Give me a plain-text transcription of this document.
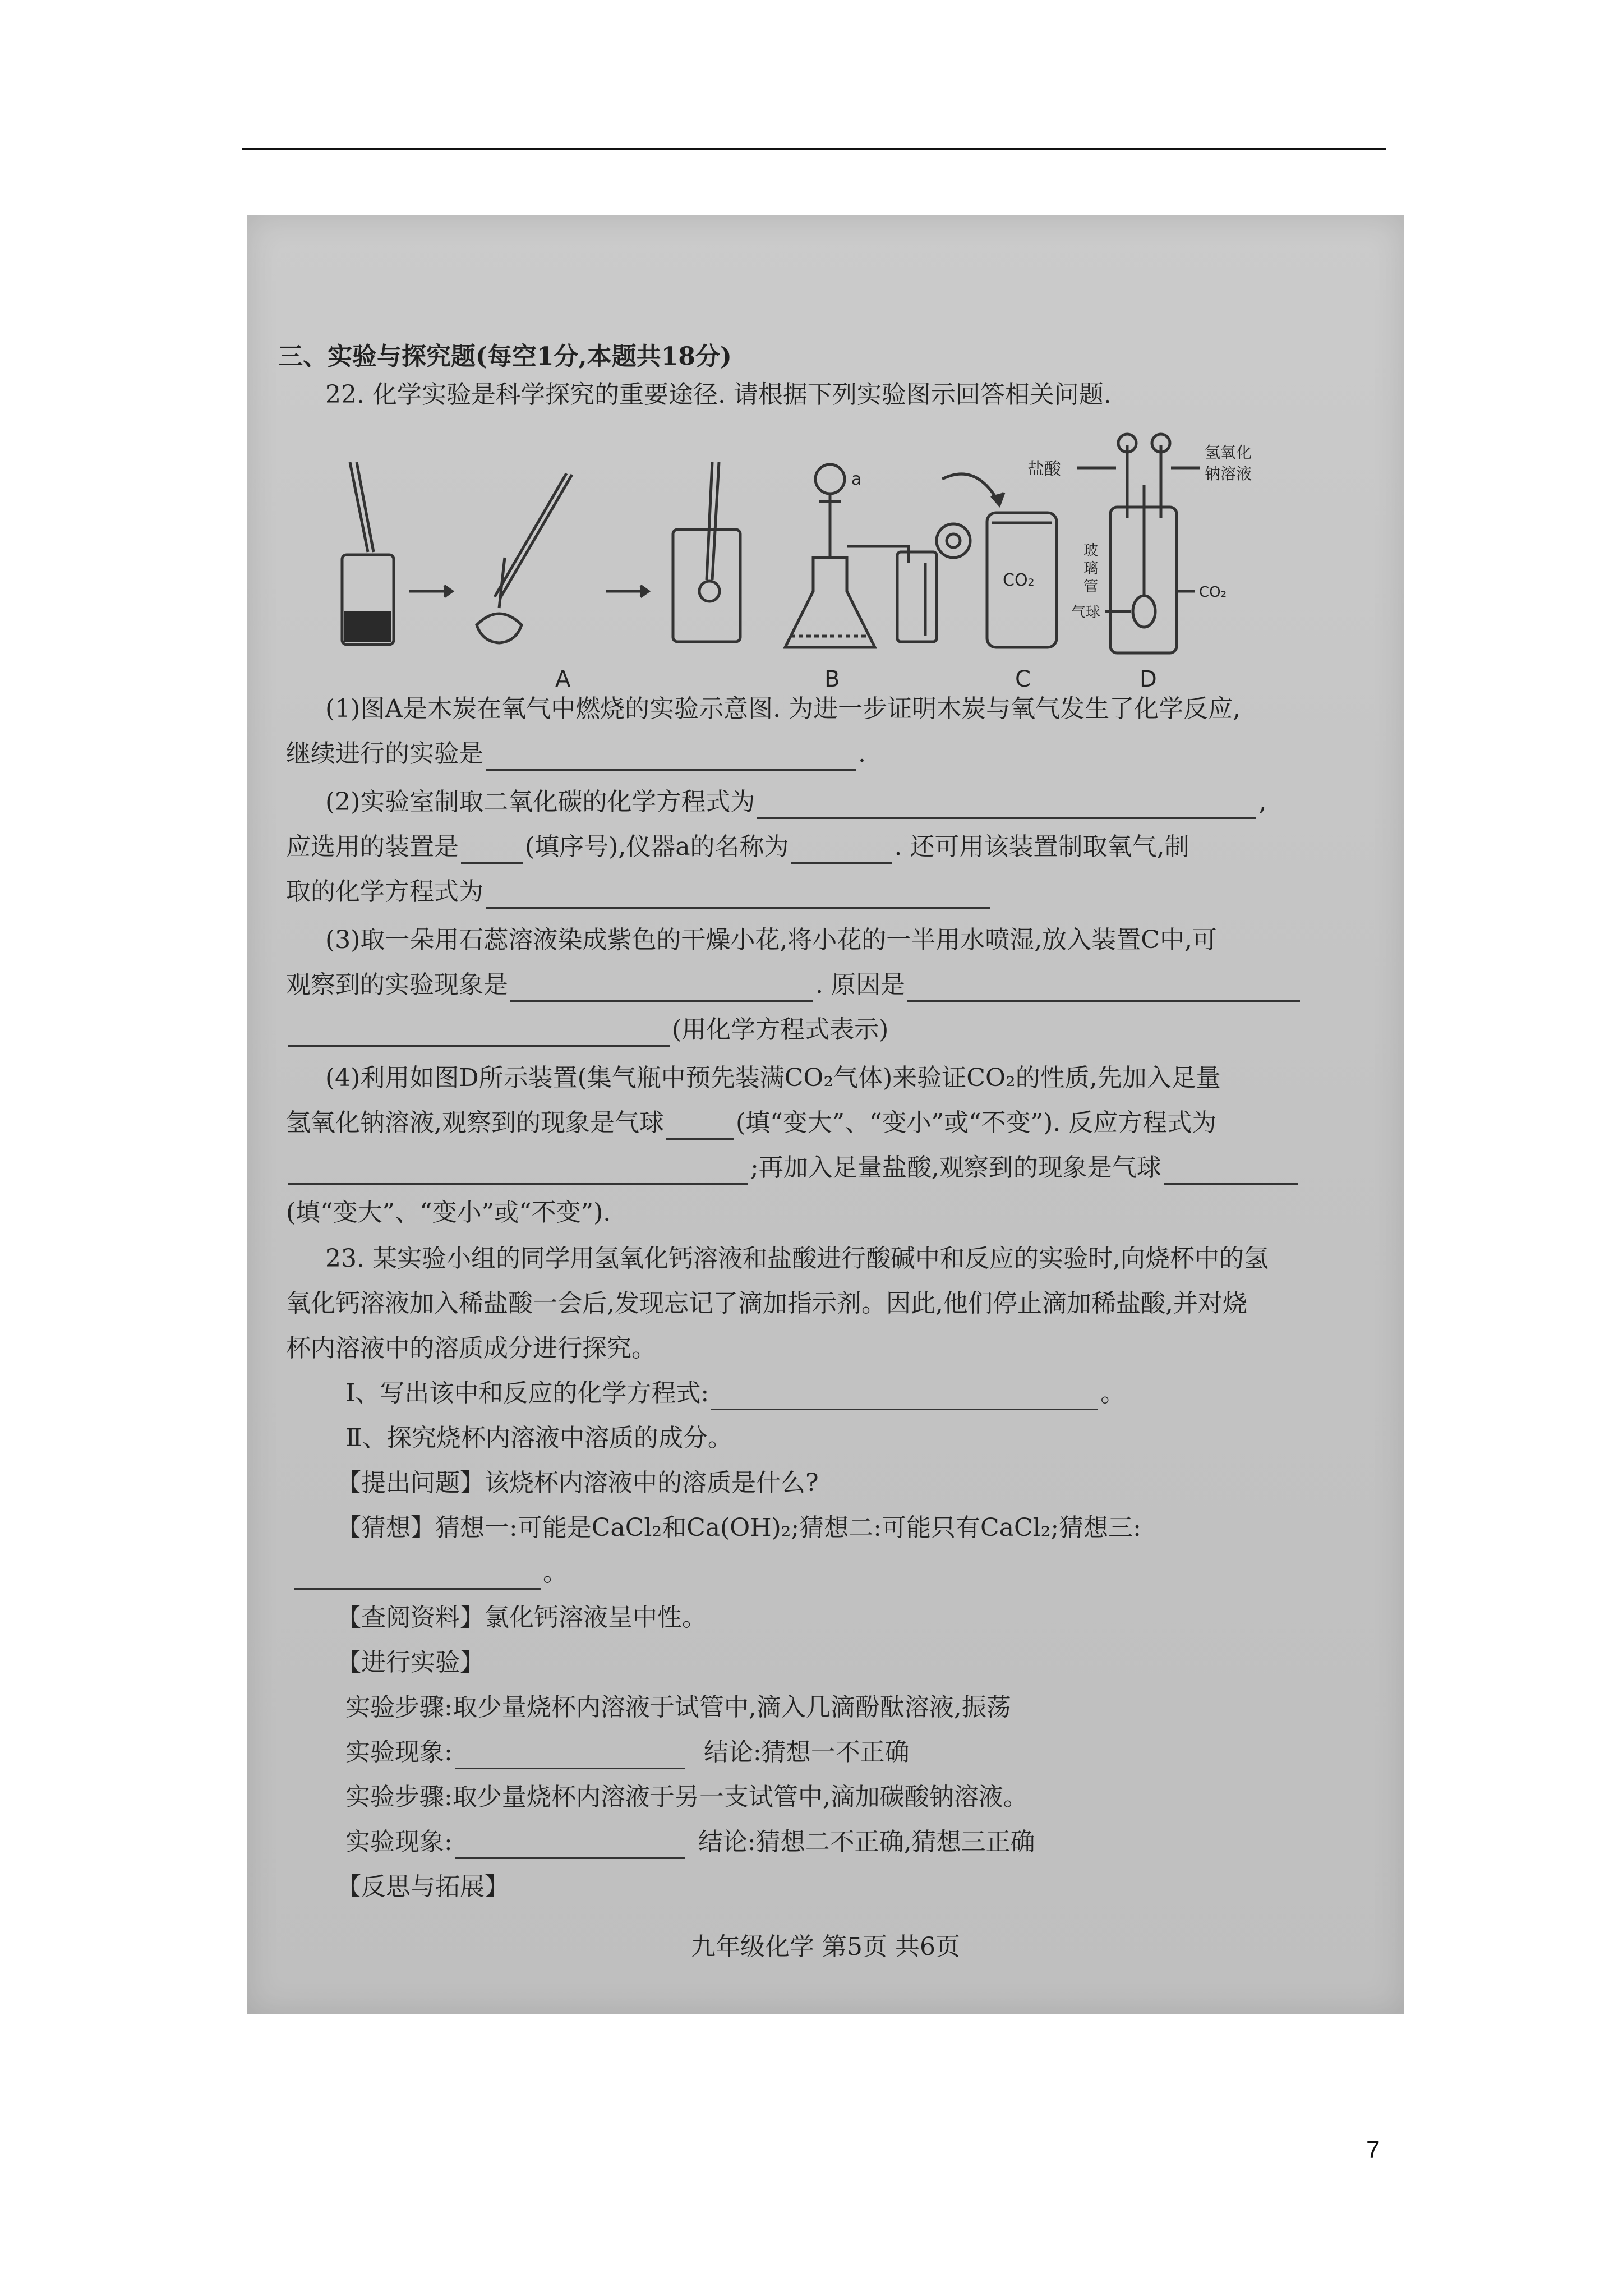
三、实验与探究题(每空1分,本题共18分)

22. 化学实验是科学探究的重要途径. 请根据下列实验图示回答相关问题.

A	B	C	D
a
CO₂
CO₂
盐酸
氢氧化
钠溶液
玻
璃
管
气球

(1)图A是木炭在氧气中燃烧的实验示意图. 为进一步证明木炭与氧气发生了化学反应,

继续进行的实验是	.

(2)实验室制取二氧化碳的化学方程式为	,

应选用的装置是	(填序号),仪器a的名称为	. 还可用该装置制取氧气,制

取的化学方程式为

(3)取一朵用石蕊溶液染成紫色的干燥小花,将小花的一半用水喷湿,放入装置C中,可

观察到的实验现象是	. 原因是

(用化学方程式表示)

(4)利用如图D所示装置(集气瓶中预先装满CO₂气体)来验证CO₂的性质,先加入足量

氢氧化钠溶液,观察到的现象是气球	(填“变大”、“变小”或“不变”). 反应方程式为

;再加入足量盐酸,观察到的现象是气球

(填“变大”、“变小”或“不变”).

23. 某实验小组的同学用氢氧化钙溶液和盐酸进行酸碱中和反应的实验时,向烧杯中的氢

氧化钙溶液加入稀盐酸一会后,发现忘记了滴加指示剂。因此,他们停止滴加稀盐酸,并对烧

杯内溶液中的溶质成分进行探究。

Ⅰ、写出该中和反应的化学方程式:	。

Ⅱ、探究烧杯内溶液中溶质的成分。

【提出问题】该烧杯内溶液中的溶质是什么?

【猜想】猜想一:可能是CaCl₂和Ca(OH)₂;猜想二:可能只有CaCl₂;猜想三:

。

【查阅资料】氯化钙溶液呈中性。

【进行实验】

实验步骤:取少量烧杯内溶液于试管中,滴入几滴酚酞溶液,振荡

实验现象:	结论:猜想一不正确

实验步骤:取少量烧杯内溶液于另一支试管中,滴加碳酸钠溶液。

实验现象:	结论:猜想二不正确,猜想三正确

【反思与拓展】

九年级化学 第5页 共6页
7
